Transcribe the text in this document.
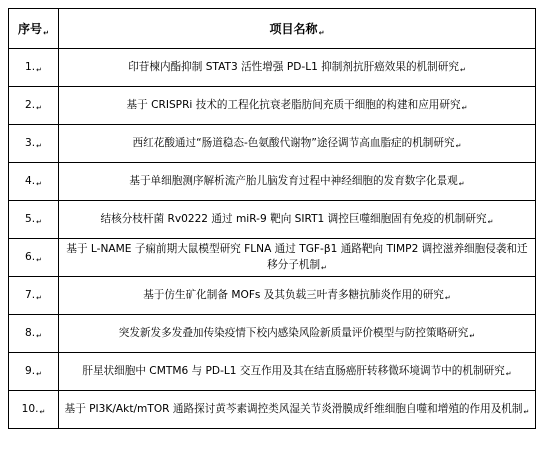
序号↵	项目名称↵
1.↵	印苷楝内酯抑制 STAT3 活性增强 PD-L1 抑制剂抗肝癌效果的机制研究↵
2.↵	基于 CRISPRi 技术的工程化抗衰老脂肪间充质干细胞的构建和应用研究↵
3.↵	西红花酸通过“肠道稳态-色氨酸代谢物”途径调节高血脂症的机制研究↵
4.↵	基于单细胞测序解析流产胎儿脑发育过程中神经细胞的发育数字化景观↵
5.↵	结核分枝杆菌 Rv0222 通过 miR-9 靶向 SIRT1 调控巨噬细胞固有免疫的机制研究↵
6.↵	基于 L-NAME 子痫前期大鼠模型研究 FLNA 通过 TGF-β1 通路靶向 TIMP2 调控滋养细胞侵袭和迁移分子机制↵
7.↵	基于仿生矿化制备 MOFs 及其负载三叶青多糖抗肺炎作用的研究↵
8.↵	突发新发多发叠加传染疫情下校内感染风险新质量评价模型与防控策略研究↵
9.↵	肝星状细胞中 CMTM6 与 PD-L1 交互作用及其在结直肠癌肝转移微环境调节中的机制研究↵
10.↵	基于 PI3K/Akt/mTOR 通路探讨黄芩素调控类风湿关节炎滑膜成纤维细胞自噬和增殖的作用及机制↵
